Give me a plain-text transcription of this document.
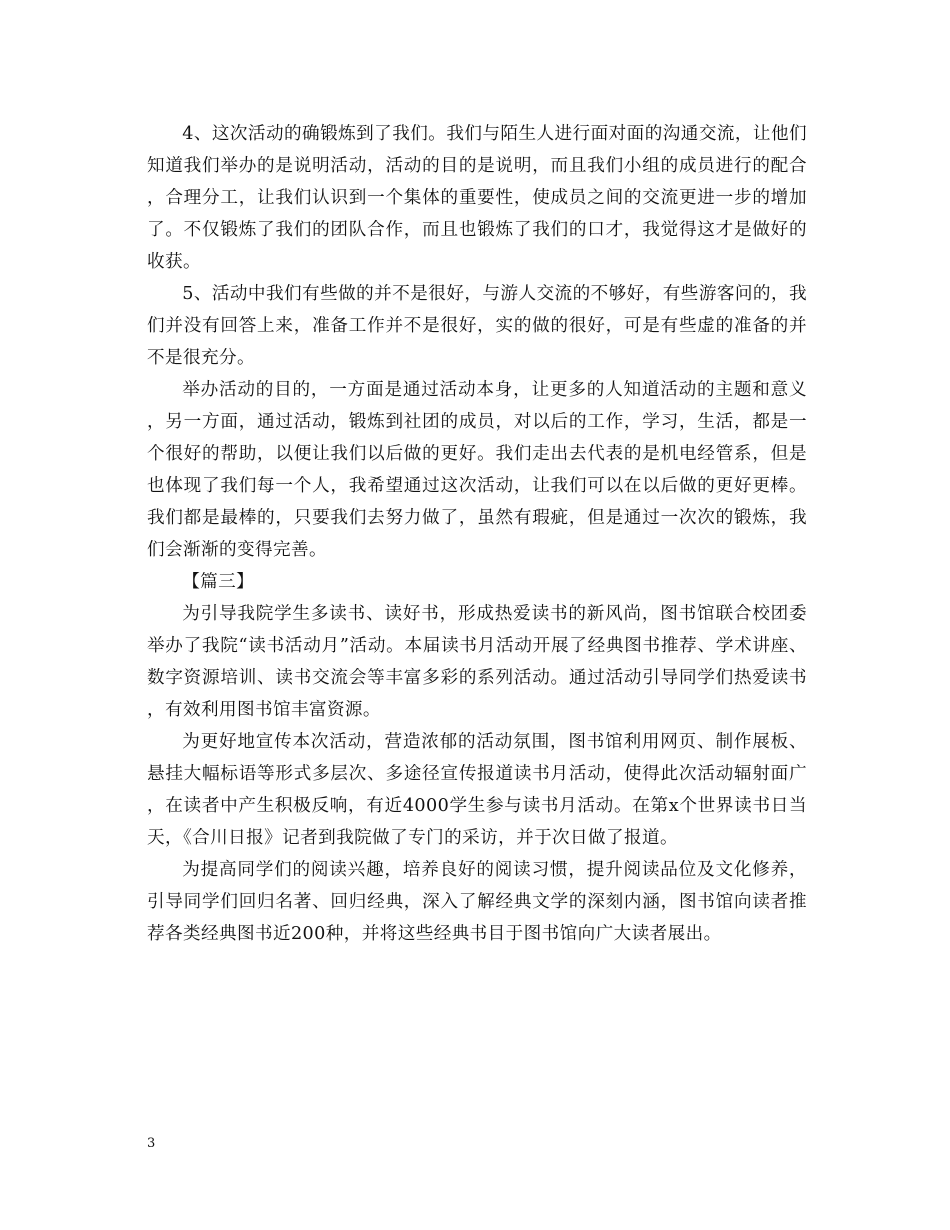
4、这次活动的确锻炼到了我们。我们与陌生人进行面对面的沟通交流，让他们知道我们举办的是说明活动，活动的目的是说明，而且我们小组的成员进行的配合，合理分工，让我们认识到一个集体的重要性，使成员之间的交流更进一步的增加了。不仅锻炼了我们的团队合作，而且也锻炼了我们的口才，我觉得这才是做好的收获。

5、活动中我们有些做的并不是很好，与游人交流的不够好，有些游客问的，我们并没有回答上来，准备工作并不是很好，实的做的很好，可是有些虚的准备的并不是很充分。

举办活动的目的，一方面是通过活动本身，让更多的人知道活动的主题和意义，另一方面，通过活动，锻炼到社团的成员，对以后的工作，学习，生活，都是一个很好的帮助，以便让我们以后做的更好。我们走出去代表的是机电经管系，但是也体现了我们每一个人，我希望通过这次活动，让我们可以在以后做的更好更棒。我们都是最棒的，只要我们去努力做了，虽然有瑕疵，但是通过一次次的锻炼，我们会渐渐的变得完善。

【篇三】

为引导我院学生多读书、读好书，形成热爱读书的新风尚，图书馆联合校团委举办了我院“读书活动月”活动。本届读书月活动开展了经典图书推荐、学术讲座、数字资源培训、读书交流会等丰富多彩的系列活动。通过活动引导同学们热爱读书，有效利用图书馆丰富资源。

为更好地宣传本次活动，营造浓郁的活动氛围，图书馆利用网页、制作展板、悬挂大幅标语等形式多层次、多途径宣传报道读书月活动，使得此次活动辐射面广，在读者中产生积极反响，有近4000学生参与读书月活动。在第x个世界读书日当天，《合川日报》记者到我院做了专门的采访，并于次日做了报道。

为提高同学们的阅读兴趣，培养良好的阅读习惯，提升阅读品位及文化修养，引导同学们回归名著、回归经典，深入了解经典文学的深刻内涵，图书馆向读者推荐各类经典图书近200种，并将这些经典书目于图书馆向广大读者展出。

3
